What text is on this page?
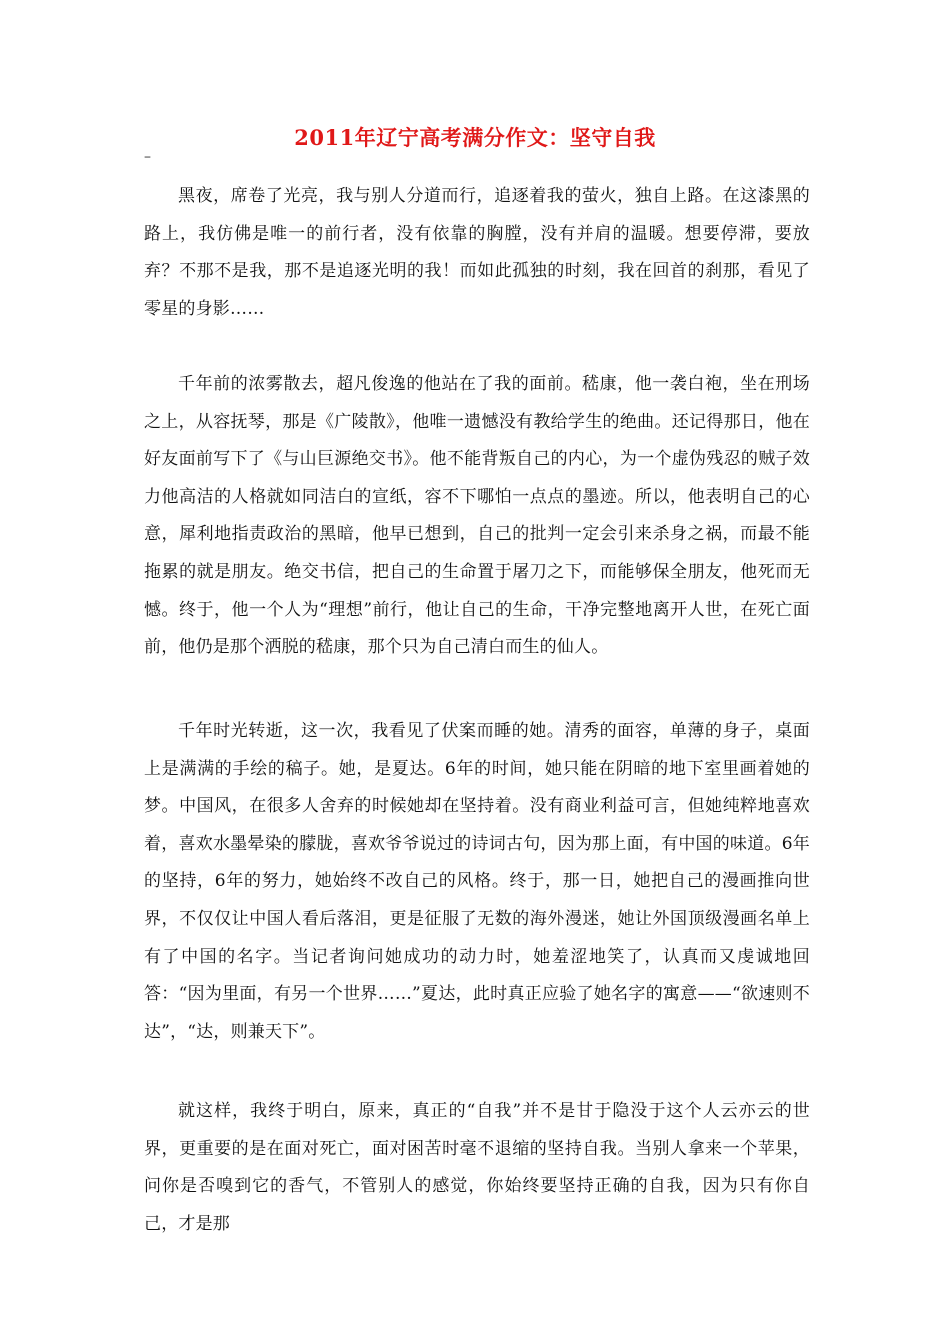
2011年辽宁高考满分作文：坚守自我
–

黑夜，席卷了光亮，我与别人分道而行，追逐着我的萤火，独自上路。在这漆黑的路上，我仿佛是唯一的前行者，没有依靠的胸膛，没有并肩的温暖。想要停滞，要放弃？不那不是我，那不是追逐光明的我！而如此孤独的时刻，我在回首的刹那，看见了零星的身影……

千年前的浓雾散去，超凡俊逸的他站在了我的面前。嵇康，他一袭白袍，坐在刑场之上，从容抚琴，那是《广陵散》，他唯一遗憾没有教给学生的绝曲。还记得那日，他在好友面前写下了《与山巨源绝交书》。他不能背叛自己的内心，为一个虚伪残忍的贼子效力他高洁的人格就如同洁白的宣纸，容不下哪怕一点点的墨迹。所以，他表明自己的心意，犀利地指责政治的黑暗，他早已想到，自己的批判一定会引来杀身之祸，而最不能拖累的就是朋友。绝交书信，把自己的生命置于屠刀之下，而能够保全朋友，他死而无憾。终于，他一个人为“理想”前行，他让自己的生命，干净完整地离开人世，在死亡面前，他仍是那个洒脱的嵇康，那个只为自己清白而生的仙人。

千年时光转逝，这一次，我看见了伏案而睡的她。清秀的面容，单薄的身子，桌面上是满满的手绘的稿子。她，是夏达。6年的时间，她只能在阴暗的地下室里画着她的梦。中国风，在很多人舍弃的时候她却在坚持着。没有商业利益可言，但她纯粹地喜欢着，喜欢水墨晕染的朦胧，喜欢爷爷说过的诗词古句，因为那上面，有中国的味道。6年的坚持，6年的努力，她始终不改自己的风格。终于，那一日，她把自己的漫画推向世界，不仅仅让中国人看后落泪，更是征服了无数的海外漫迷，她让外国顶级漫画名单上有了中国的名字。当记者询问她成功的动力时，她羞涩地笑了，认真而又虔诚地回答：“因为里面，有另一个世界……”夏达，此时真正应验了她名字的寓意——“欲速则不达”，“达，则兼天下”。

就这样，我终于明白，原来，真正的“自我”并不是甘于隐没于这个人云亦云的世界，更重要的是在面对死亡，面对困苦时毫不退缩的坚持自我。当别人拿来一个苹果，问你是否嗅到它的香气，不管别人的感觉，你始终要坚持正确的自我，因为只有你自己，才是那
